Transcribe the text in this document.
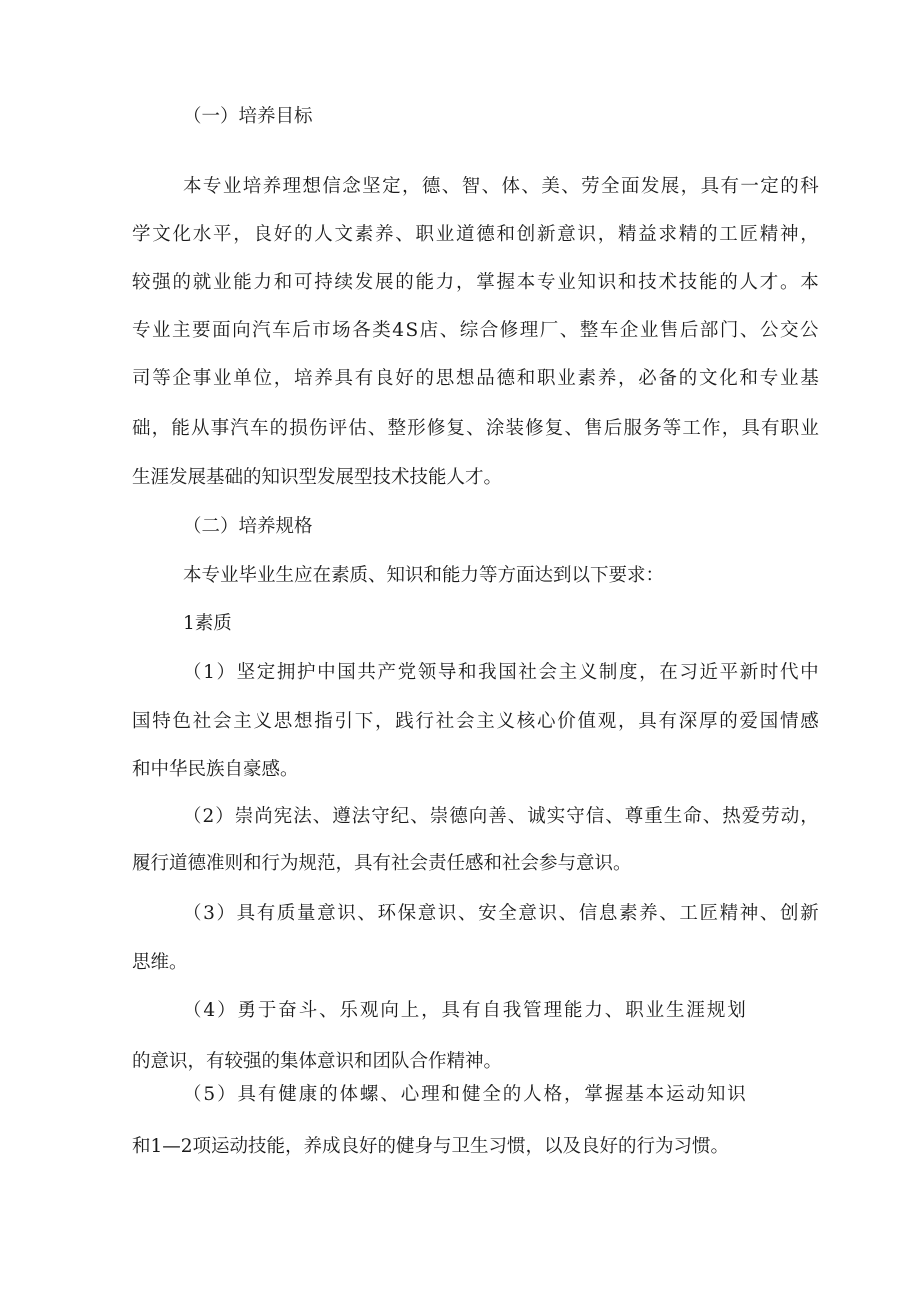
（一）培养目标

本 专 业 培 养 理 想 信 念 坚 定 ， 德 、 智 、 体 、 美 、 劳 全 面 发 展 ， 具 有 一 定 的 科

学 文 化 水 平 ， 良 好 的 人 文 素 养 、 职 业 道 德 和 创 新 意 识 ， 精 益 求 精 的 工 匠 精 神 ，

较 强 的 就 业 能 力 和 可 持 续 发 展 的 能 力 ， 掌 握 本 专 业 知 识 和 技 术 技 能 的 人 才 。 本

专 业 主 要 面 向 汽 车 后 市 场 各 类 4 S 店 、 综 合 修 理 厂 、 整 车 企 业 售 后 部 门 、 公 交 公

司 等 企 事 业 单 位 ， 培 养 具 有 良 好 的 思 想 品 德 和 职 业 素 养 ， 必 备 的 文 化 和 专 业 基

础 ， 能 从 事 汽 车 的 损 伤 评 估 、 整 形 修 复 、 涂 装 修 复 、 售 后 服 务 等 工 作 ， 具 有 职 业

生涯发展基础的知识型发展型技术技能人才。

（二）培养规格

本专业毕业生应在素质、知识和能力等方面达到以下要求：

1素质

（ 1 ） 坚 定 拥 护 中 国 共 产 党 领 导 和 我 国 社 会 主 义 制 度 ， 在 习 近 平 新 时 代 中

国 特 色 社 会 主 义 思 想 指 引 下 ， 践 行 社 会 主 义 核 心 价 值 观 ， 具 有 深 厚 的 爱 国 情 感

和中华民族自豪感。

（ 2 ） 崇 尚 宪 法 、 遵 法 守 纪 、 崇 德 向 善 、 诚 实 守 信 、 尊 重 生 命 、 热 爱 劳 动 ，

履行道德准则和行为规范，具有社会责任感和社会参与意识。

（ 3 ） 具 有 质 量 意 识 、 环 保 意 识 、 安 全 意 识 、 信 息 素 养 、 工 匠 精 神 、 创 新

思维。

（ 4 ） 勇 于 奋 斗 、 乐 观 向 上 ， 具 有 自 我 管 理 能 力 、 职 业 生 涯 规 划

的意识，有较强的集体意识和团队合作精神。

（ 5 ） 具 有 健 康 的 体 螺 、 心 理 和 健 全 的 人 格 ， 掌 握 基 本 运 动 知 识

和1—2项运动技能，养成良好的健身与卫生习惯，以及良好的行为习惯。
